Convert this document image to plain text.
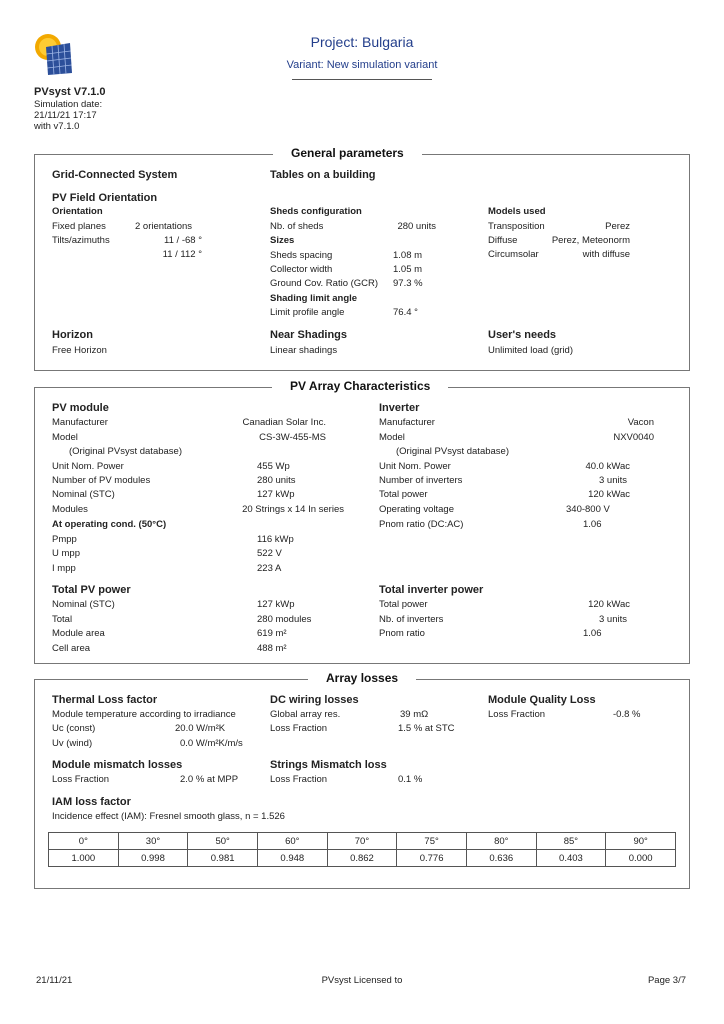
PVsyst V7.1.0
Simulation date:
21/11/21 17:17
with v7.1.0
Project: Bulgaria
Variant: New simulation variant
General parameters
Grid-Connected System	Tables on a building
PV Field Orientation
Orientation
Fixed planes	2 orientations
Tilts/azimuths	11 / -68 °
11 / 112 °
Sheds configuration
Nb. of sheds	280 units
Sizes
Sheds spacing	1.08 m
Collector width	1.05 m
Ground Cov. Ratio (GCR) 97.3 %
Shading limit angle
Limit profile angle	76.4 °
Models used
Transposition	Perez
Diffuse	Perez, Meteonorm
Circumsolar	with diffuse
Horizon
Free Horizon
Near Shadings
Linear shadings
User's needs
Unlimited load (grid)
PV Array Characteristics
PV module
Manufacturer	Canadian Solar Inc.
Model	CS-3W-455-MS
(Original PVsyst database)
Unit Nom. Power	455 Wp
Number of PV modules	280 units
Nominal (STC)	127 kWp
Modules	20 Strings x 14 In series
At operating cond. (50°C)
Pmpp	116 kWp
U mpp	522 V
I mpp	223 A
Inverter
Manufacturer	Vacon
Model	NXV0040
(Original PVsyst database)
Unit Nom. Power	40.0 kWac
Number of inverters	3 units
Total power	120 kWac
Operating voltage	340-800 V
Pnom ratio (DC:AC)	1.06
Total PV power
Nominal (STC)	127 kWp
Total	280 modules
Module area	619 m²
Cell area	488 m²
Total inverter power
Total power	120 kWac
Nb. of inverters	3 units
Pnom ratio	1.06
Array losses
Thermal Loss factor
Module temperature according to irradiance
Uc (const)	20.0 W/m²K
Uv (wind)	0.0 W/m²K/m/s
DC wiring losses
Global array res.	39 mΩ
Loss Fraction	1.5 % at STC
Module Quality Loss
Loss Fraction	-0.8 %
Module mismatch losses
Loss Fraction	2.0 % at MPP
Strings Mismatch loss
Loss Fraction	0.1 %
IAM loss factor
Incidence effect (IAM): Fresnel smooth glass, n = 1.526
0°	30°	50°	60°	70°	75°	80°	85°	90°
1.000	0.998	0.981	0.948	0.862	0.776	0.636	0.403	0.000
21/11/21	PVsyst Licensed to	Page 3/7
